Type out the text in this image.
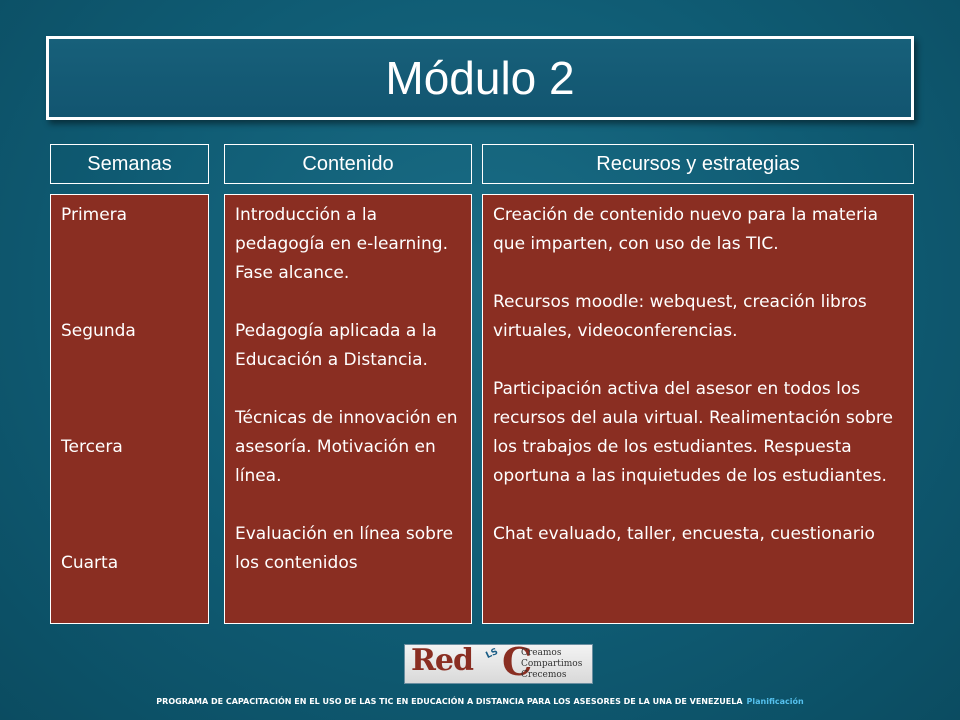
Módulo 2
Semanas	Contenido	Recursos y estrategias

Primera

Segunda

Tercera

Cuarta

Introducción a la pedagogía en e-learning. Fase alcance.

Pedagogía aplicada a la Educación a Distancia.

Técnicas de innovación en asesoría. Motivación en línea.

Evaluación en línea sobre los contenidos

Creación de contenido nuevo para la materia que imparten, con uso de las TIC.

Recursos moodle: webquest, creación libros virtuales, videoconferencias.

Participación activa del asesor en todos los recursos del aula virtual. Realimentación sobre los trabajos de los estudiantes. Respuesta oportuna a las inquietudes de los estudiantes.

Chat evaluado, taller, encuesta, cuestionario

Red LS C
Creamos
Compartimos
Crecemos
PROGRAMA DE CAPACITACIÓN EN EL USO DE LAS TIC EN EDUCACIÓN A DISTANCIA PARA LOS ASESORES DE LA UNA DE VENEZUELA Planificación
